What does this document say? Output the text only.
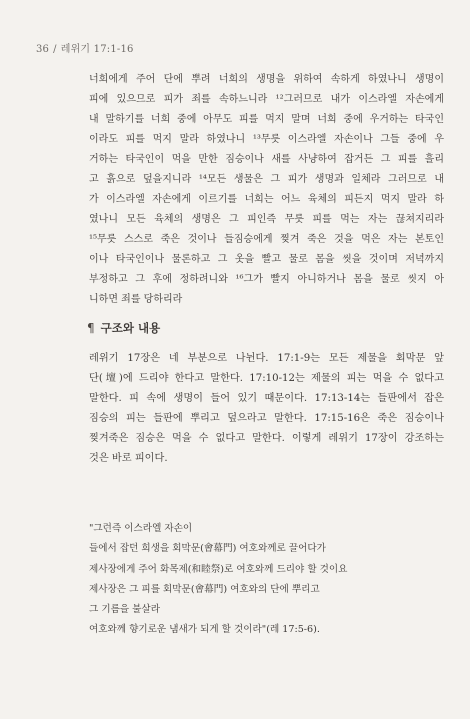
36 / 레위기 17:1-16
너희에게 주어 단에 뿌려 너희의 생명을 위하여 속하게 하였나니 생명이
피에 있으므로 피가 죄를 속하느니라 ¹²그러므로 내가 이스라엘 자손에게
내 말하기를 너희 중에 아무도 피를 먹지 말며 너희 중에 우거하는 타국인
이라도 피를 먹지 말라 하였나니 ¹³무릇 이스라엘 자손이나 그들 중에 우
거하는 타국인이 먹을 만한 짐승이나 새를 사냥하여 잡거든 그 피를 흘리
고 흙으로 덮을지니라 ¹⁴모든 생물은 그 피가 생명과 일체라 그러므로 내
가 이스라엘 자손에게 이르기를 너희는 어느 육체의 피든지 먹지 말라 하
였나니 모든 육체의 생명은 그 피인즉 무릇 피를 먹는 자는 끊쳐지리라
¹⁵무릇 스스로 죽은 것이나 들짐승에게 찢겨 죽은 것을 먹은 자는 본토인
이나 타국인이나 물론하고 그 옷을 빨고 물로 몸을 씻을 것이며 저녁까지
부정하고 그 후에 정하려니와 ¹⁶그가 빨지 아니하거나 몸을 물로 씻지 아
니하면 죄를 당하리라
¶ 구조와 내용
레위기 17장은 네 부분으로 나뉜다. 17:1-9는 모든 제물을 회막문 앞
단(壇)에 드리야 한다고 말한다. 17:10-12는 제물의 피는 먹을 수 없다고
말한다. 피 속에 생명이 들어 있기 때문이다. 17:13-14는 들판에서 잡은
짐승의 피는 들판에 뿌리고 덮으라고 말한다. 17:15-16은 죽은 짐승이나
찢겨죽은 짐승은 먹을 수 없다고 말한다. 이렇게 레위기 17장이 강조하는
것은 바로 피이다.
"그런즉 이스라엘 자손이
들에서 잡던 희생을 회막문(會幕門) 여호와께로 끌어다가
제사장에게 주어 화목제(和睦祭)로 여호와께 드리야 할 것이요
제사장은 그 피를 회막문(會幕門) 여호와의 단에 뿌리고
그 기름을 불살라
여호와께 향기로운 냄새가 되게 할 것이라"(레 17:5-6).
